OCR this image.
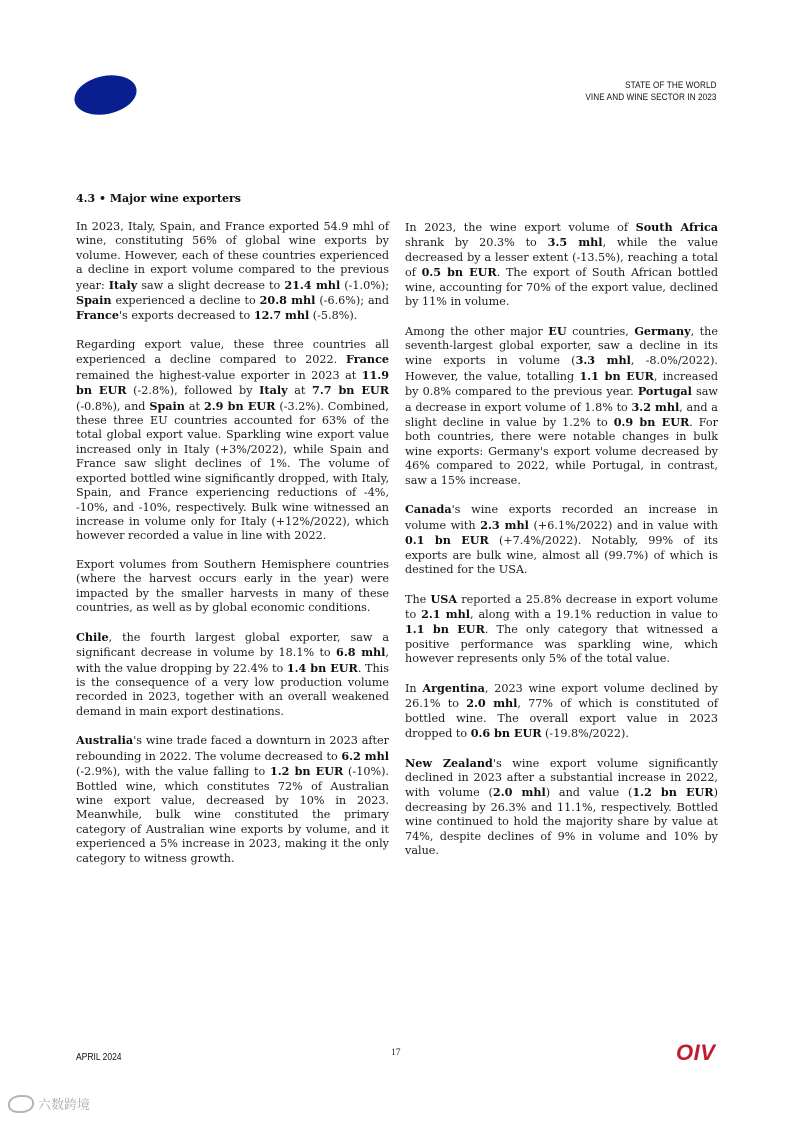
STATE OF THE WORLD
VINE AND WINE SECTOR IN 2023
4.3 • Major wine exporters

In 2023, Italy, Spain, and France exported 54.9 mhl of wine, constituting 56% of global wine exports by volume. However, each of these countries experienced a decline in export volume compared to the previous year: Italy saw a slight decrease to 21.4 mhl (-1.0%); Spain experienced a decline to 20.8 mhl (-6.6%); and France's exports decreased to 12.7 mhl (-5.8%).

Regarding export value, these three countries all experienced a decline compared to 2022. France remained the highest-value exporter in 2023 at 11.9 bn EUR (-2.8%), followed by Italy at 7.7 bn EUR (-0.8%), and Spain at 2.9 bn EUR (-3.2%). Combined, these three EU countries accounted for 63% of the total global export value. Sparkling wine export value increased only in Italy (+3%/2022), while Spain and France saw slight declines of 1%. The volume of exported bottled wine significantly dropped, with Italy, Spain, and France experiencing reductions of -4%, -10%, and -10%, respectively. Bulk wine witnessed an increase in volume only for Italy (+12%/2022), which however recorded a value in line with 2022.

Export volumes from Southern Hemisphere countries (where the harvest occurs early in the year) were impacted by the smaller harvests in many of these countries, as well as by global economic conditions.

Chile, the fourth largest global exporter, saw a significant decrease in volume by 18.1% to 6.8 mhl, with the value dropping by 22.4% to 1.4 bn EUR. This is the consequence of a very low production volume recorded in 2023, together with an overall weakened demand in main export destinations.

Australia's wine trade faced a downturn in 2023 after rebounding in 2022. The volume decreased to 6.2 mhl (-2.9%), with the value falling to 1.2 bn EUR (-10%). Bottled wine, which constitutes 72% of Australian wine export value, decreased by 10% in 2023. Meanwhile, bulk wine constituted the primary category of Australian wine exports by volume, and it experienced a 5% increase in 2023, making it the only category to witness growth.

In 2023, the wine export volume of South Africa shrank by 20.3% to 3.5 mhl, while the value decreased by a lesser extent (-13.5%), reaching a total of 0.5 bn EUR. The export of South African bottled wine, accounting for 70% of the export value, declined by 11% in volume.

Among the other major EU countries, Germany, the seventh-largest global exporter, saw a decline in its wine exports in volume (3.3 mhl, -8.0%/2022). However, the value, totalling 1.1 bn EUR, increased by 0.8% compared to the previous year. Portugal saw a decrease in export volume of 1.8% to 3.2 mhl, and a slight decline in value by 1.2% to 0.9 bn EUR. For both countries, there were notable changes in bulk wine exports: Germany's export volume decreased by 46% compared to 2022, while Portugal, in contrast, saw a 15% increase.

Canada's wine exports recorded an increase in volume with 2.3 mhl (+6.1%/2022) and in value with 0.1 bn EUR (+7.4%/2022). Notably, 99% of its exports are bulk wine, almost all (99.7%) of which is destined for the USA.

The USA reported a 25.8% decrease in export volume to 2.1 mhl, along with a 19.1% reduction in value to 1.1 bn EUR. The only category that witnessed a positive performance was sparkling wine, which however represents only 5% of the total value.

In Argentina, 2023 wine export volume declined by 26.1% to 2.0 mhl, 77% of which is constituted of bottled wine. The overall export value in 2023 dropped to 0.6 bn EUR (-19.8%/2022).

New Zealand's wine export volume significantly declined in 2023 after a substantial increase in 2022, with volume (2.0 mhl) and value (1.2 bn EUR) decreasing by 26.3% and 11.1%, respectively. Bottled wine continued to hold the majority share by value at 74%, despite declines of 9% in volume and 10% by value.

APRIL 2024	17	OIV
六数跨境
